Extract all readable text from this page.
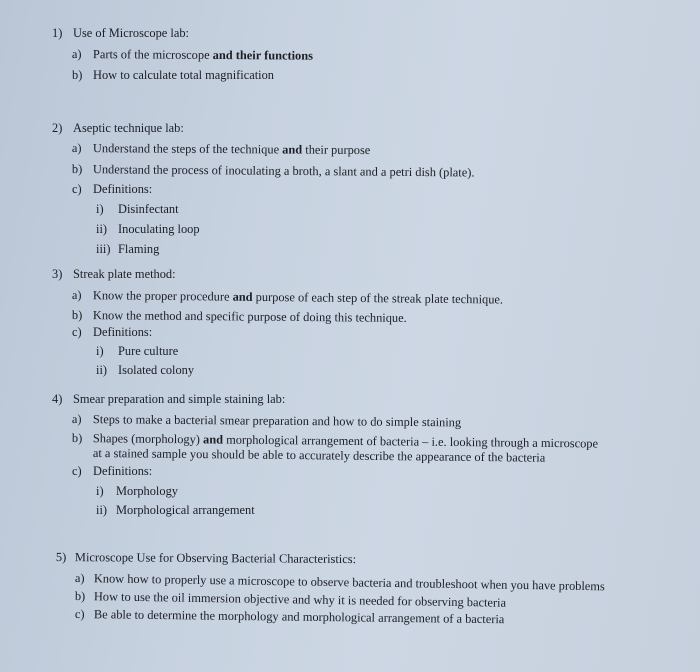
1) Use of Microscope lab:
a) Parts of the microscope and their functions
b) How to calculate total magnification
2) Aseptic technique lab:
a) Understand the steps of the technique and their purpose
b) Understand the process of inoculating a broth, a slant and a petri dish (plate).
c) Definitions:
i) Disinfectant
ii) Inoculating loop
iii) Flaming
3) Streak plate method:
a) Know the proper procedure and purpose of each step of the streak plate technique.
b) Know the method and specific purpose of doing this technique.
c) Definitions:
i) Pure culture
ii) Isolated colony
4) Smear preparation and simple staining lab:
a) Steps to make a bacterial smear preparation and how to do simple staining
b) Shapes (morphology) and morphological arrangement of bacteria – i.e. looking through a microscope
at a stained sample you should be able to accurately describe the appearance of the bacteria
c) Definitions:
i) Morphology
ii) Morphological arrangement
5) Microscope Use for Observing Bacterial Characteristics:
a) Know how to properly use a microscope to observe bacteria and troubleshoot when you have problems
b) How to use the oil immersion objective and why it is needed for observing bacteria
c) Be able to determine the morphology and morphological arrangement of a bacteria
